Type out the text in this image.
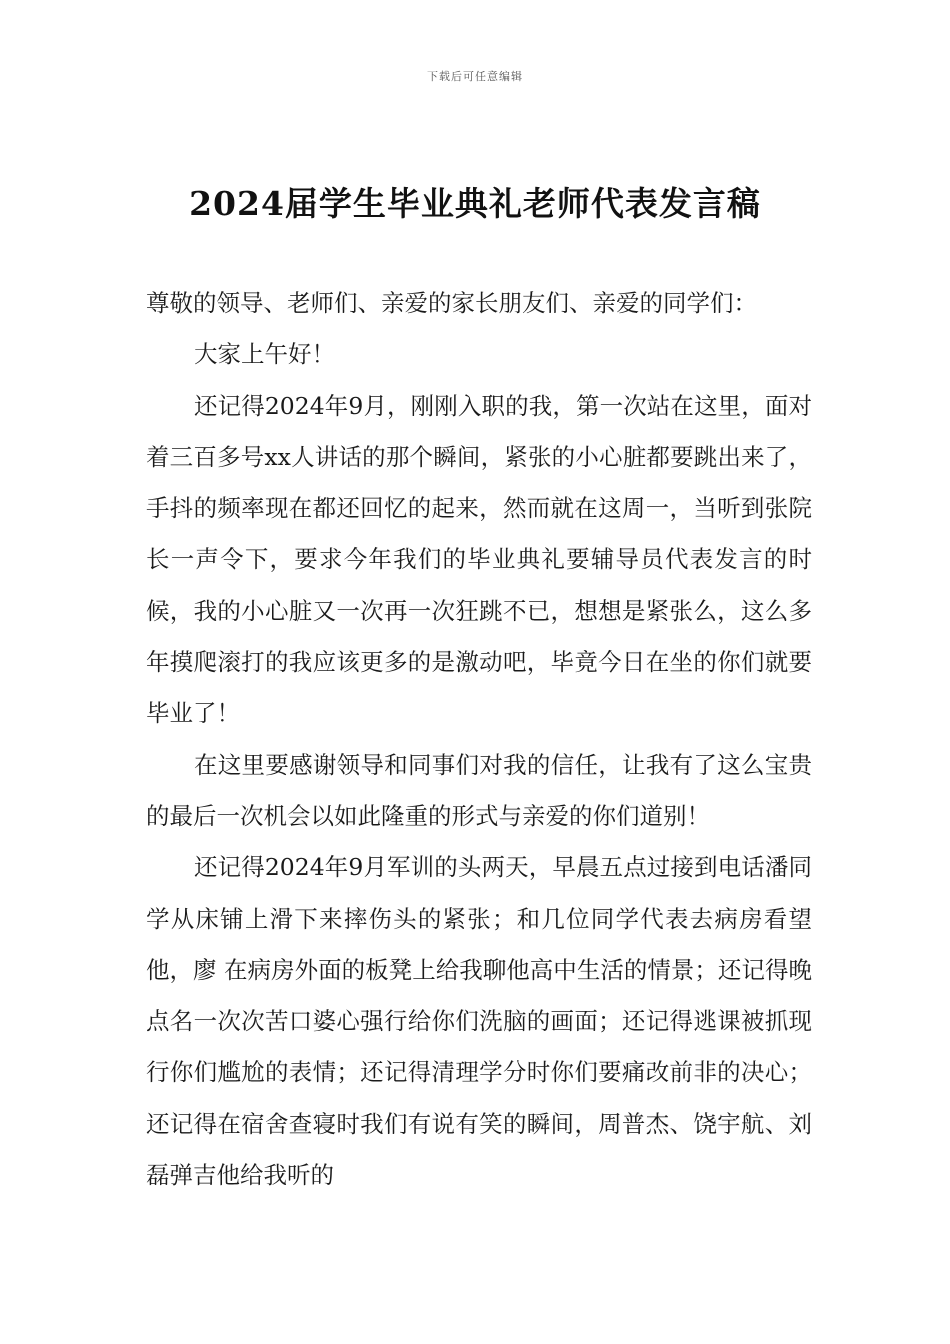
下载后可任意编辑
2024届学生毕业典礼老师代表发言稿

尊敬的领导、老师们、亲爱的家长朋友们、亲爱的同学们：

大家上午好！

还记得2024年9月，刚刚入职的我，第一次站在这里，面对着三百多号xx人讲话的那个瞬间，紧张的小心脏都要跳出来了，手抖的频率现在都还回忆的起来，然而就在这周一，当听到张院长一声令下，要求今年我们的毕业典礼要辅导员代表发言的时候，我的小心脏又一次再一次狂跳不已，想想是紧张么，这么多年摸爬滚打的我应该更多的是激动吧，毕竟今日在坐的你们就要毕业了！

在这里要感谢领导和同事们对我的信任，让我有了这么宝贵的最后一次机会以如此隆重的形式与亲爱的你们道别！

还记得2024年9月军训的头两天，早晨五点过接到电话潘同学从床铺上滑下来摔伤头的紧张；和几位同学代表去病房看望他，廖 在病房外面的板凳上给我聊他高中生活的情景；还记得晚点名一次次苦口婆心强行给你们洗脑的画面；还记得逃课被抓现行你们尴尬的表情；还记得清理学分时你们要痛改前非的决心；还记得在宿舍查寝时我们有说有笑的瞬间，周普杰、饶宇航、刘磊弹吉他给我听的
